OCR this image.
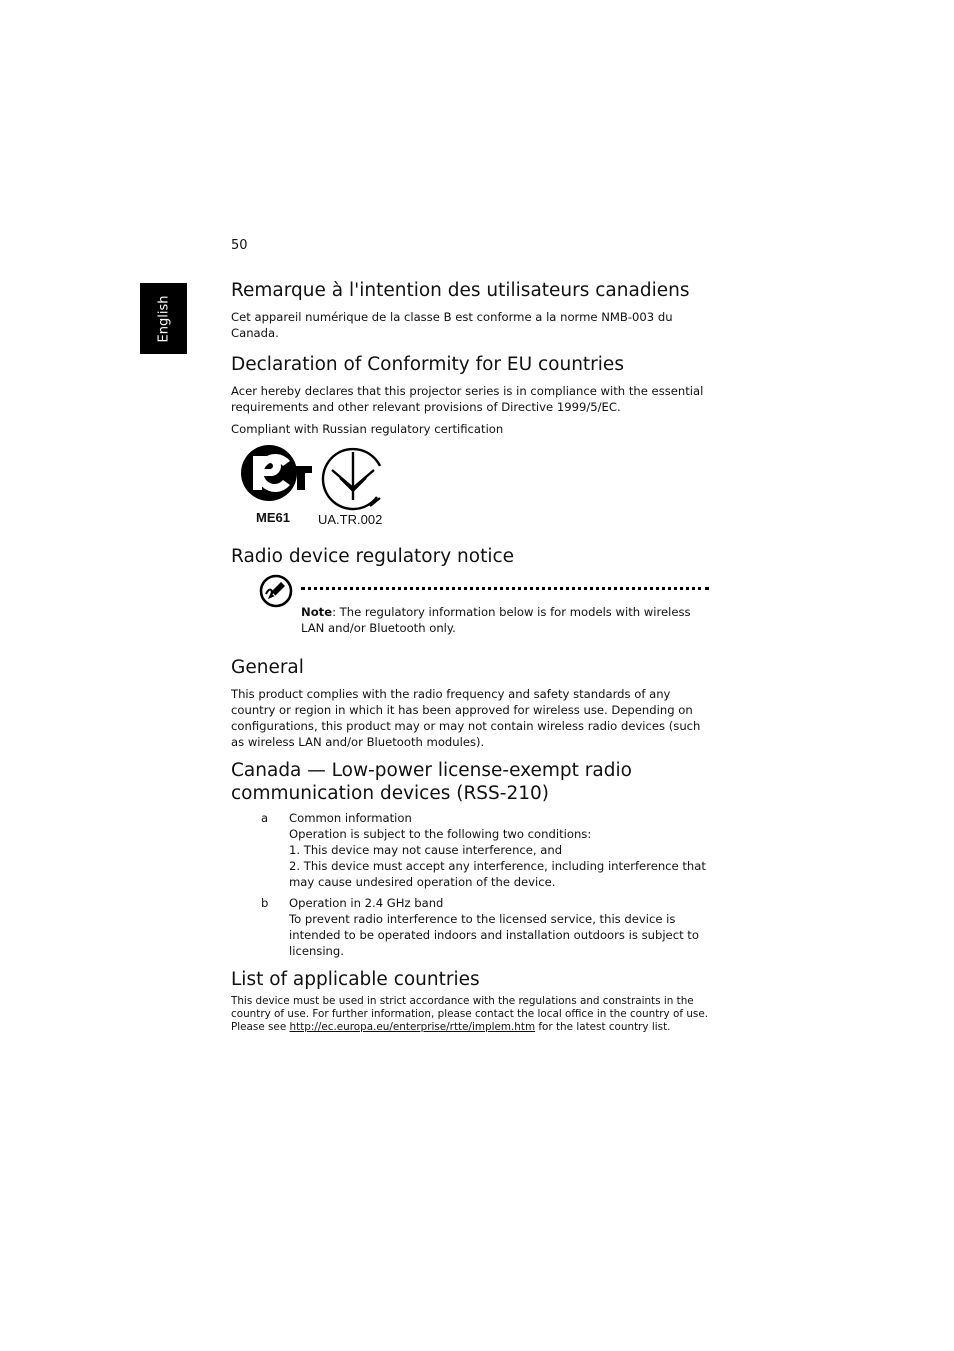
50
English
Remarque à l'intention des utilisateurs canadiens

Cet appareil numérique de la classe B est conforme a la norme NMB-003 du Canada.

Declaration of Conformity for EU countries

Acer hereby declares that this projector series is in compliance with the essential requirements and other relevant provisions of Directive 1999/5/EC.

Compliant with Russian regulatory certification

ME61 UA.TR.002
Radio device regulatory notice

Note: The regulatory information below is for models with wireless LAN and/or Bluetooth only.

General

This product complies with the radio frequency and safety standards of any country or region in which it has been approved for wireless use. Depending on configurations, this product may or may not contain wireless radio devices (such as wireless LAN and/or Bluetooth modules).

Canada — Low-power license-exempt radio
communication devices (RSS-210)
a Common information

Operation is subject to the following two conditions:

1. This device may not cause interference, and

2. This device must accept any interference, including interference that may cause undesired operation of the device.

b Operation in 2.4 GHz band

To prevent radio interference to the licensed service, this device is intended to be operated indoors and installation outdoors is subject to licensing.

List of applicable countries

This device must be used in strict accordance with the regulations and constraints in the country of use. For further information, please contact the local office in the country of use. Please see http://ec.europa.eu/enterprise/rtte/implem.htm for the latest country list.
